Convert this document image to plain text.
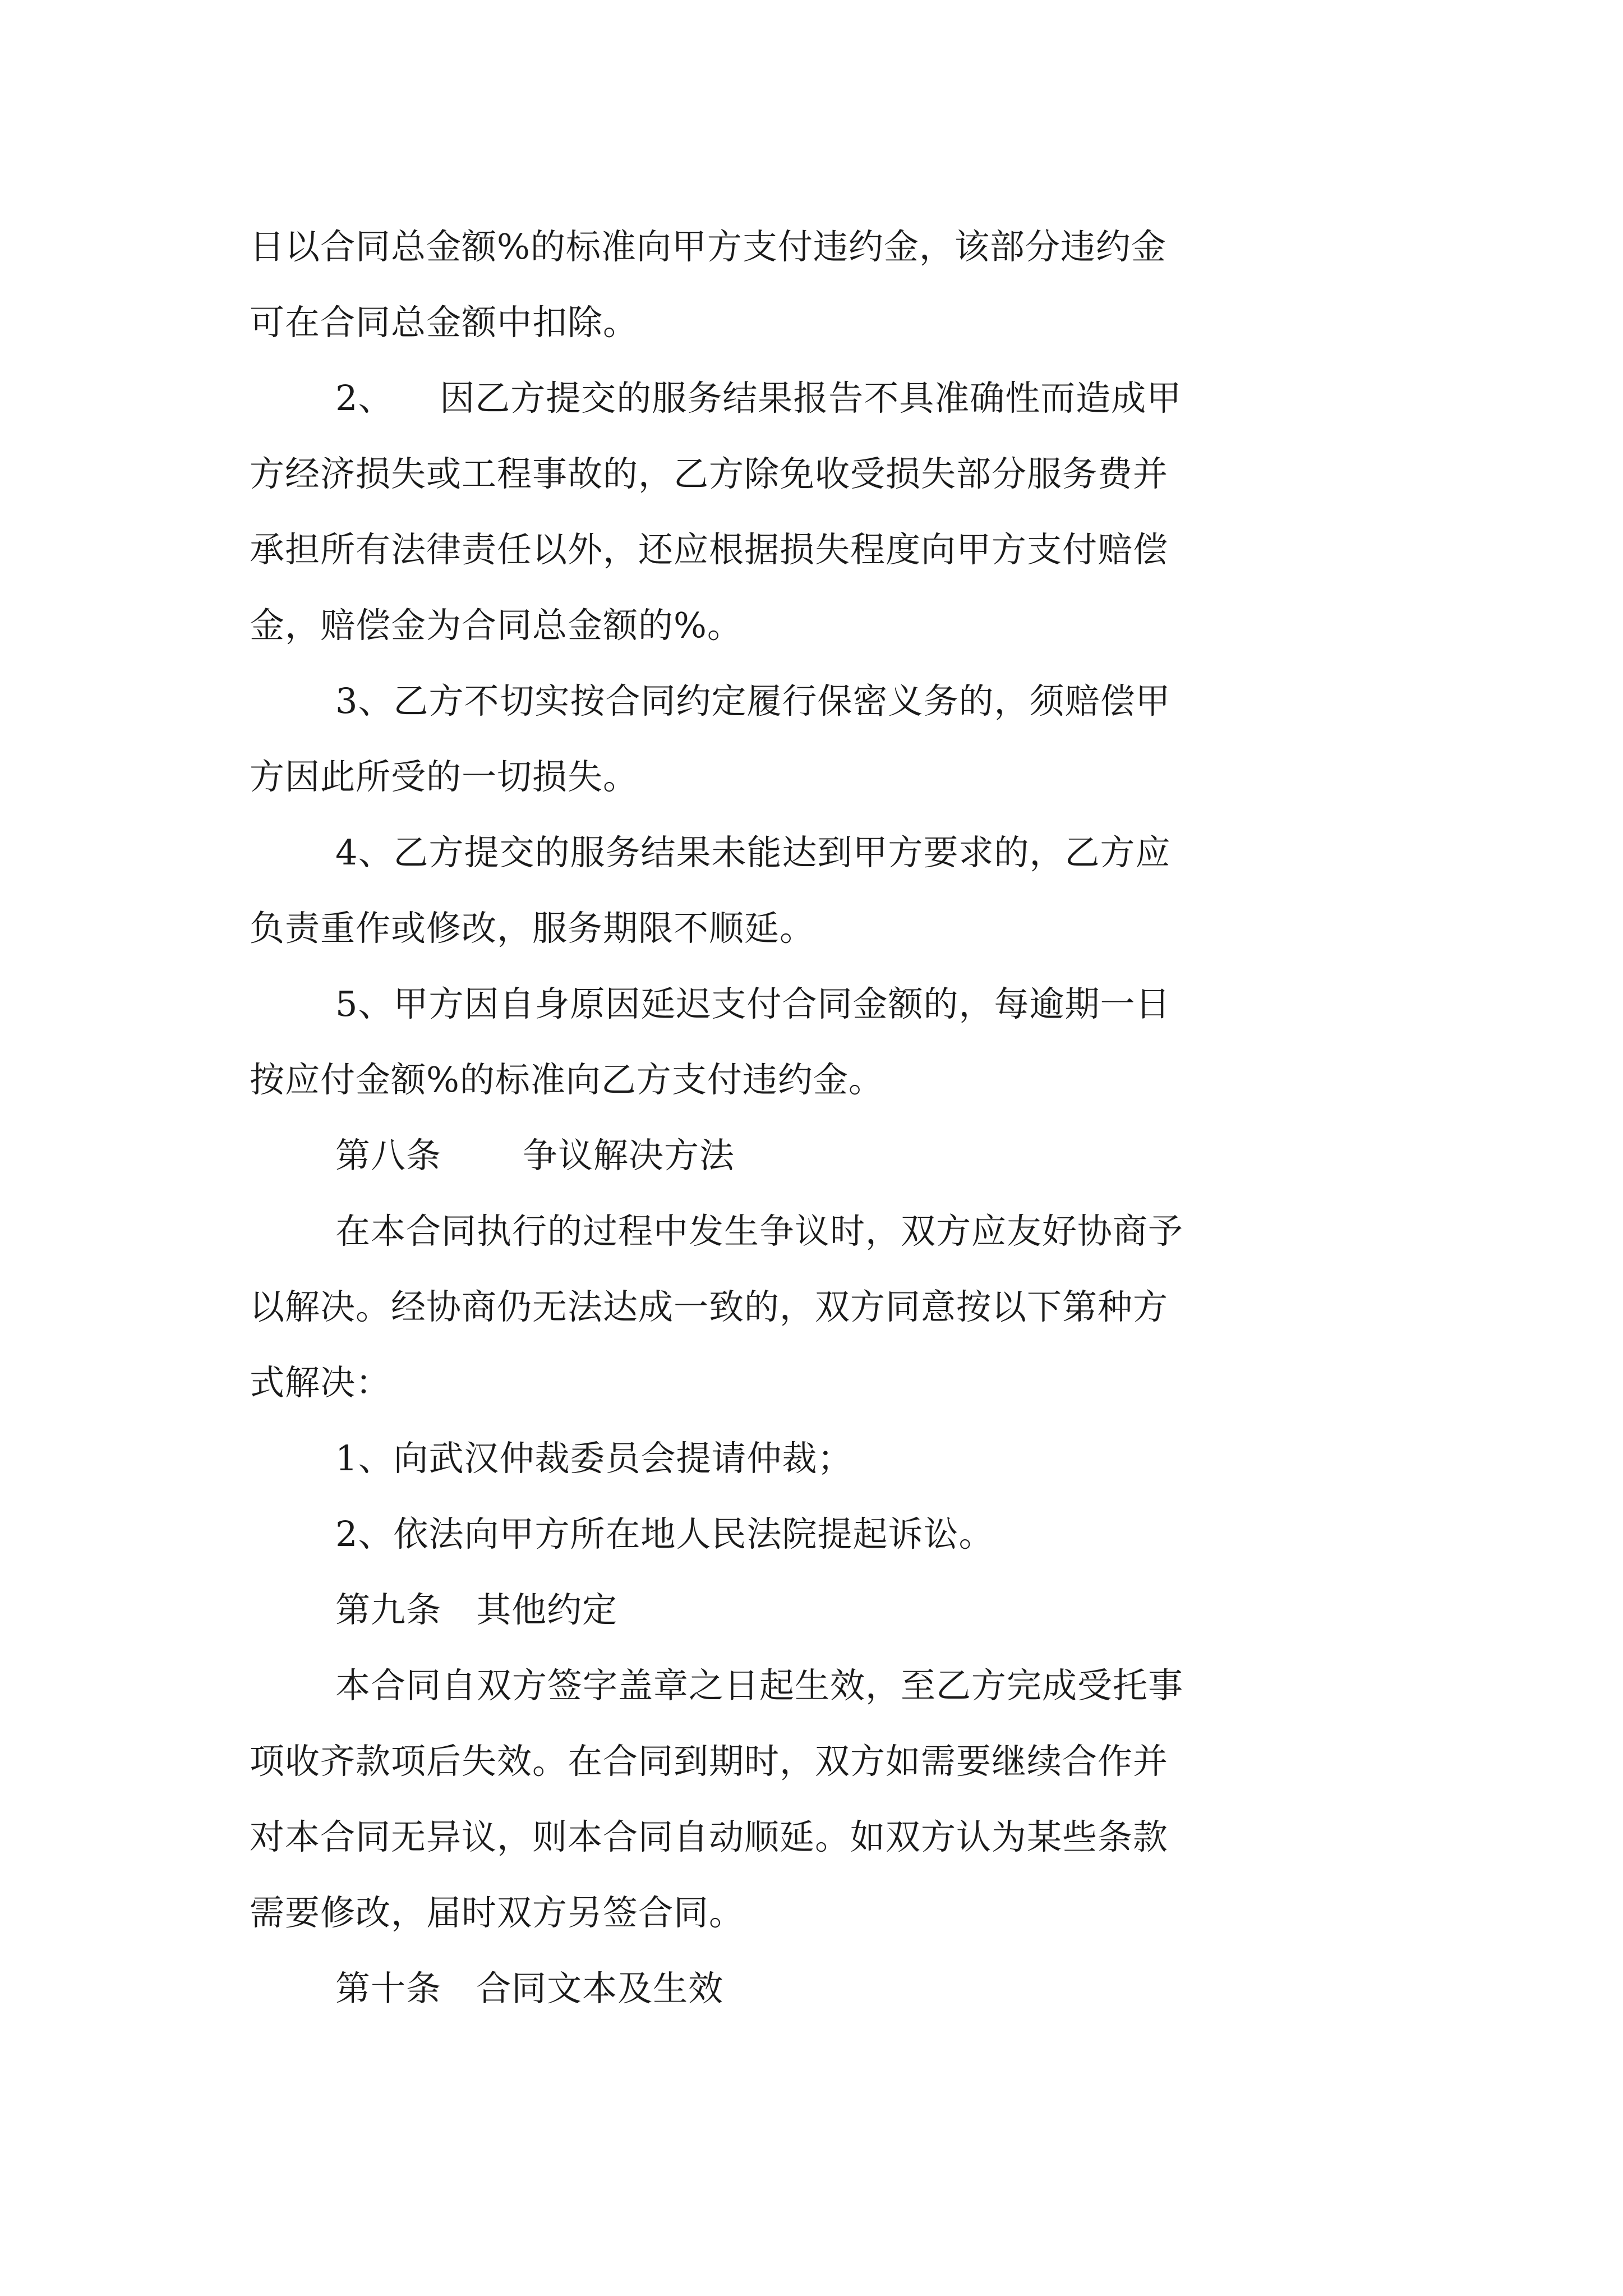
日以合同总金额%的标准向甲方支付违约金，该部分违约金
可在合同总金额中扣除。
2、    因乙方提交的服务结果报告不具准确性而造成甲
方经济损失或工程事故的，乙方除免收受损失部分服务费并
承担所有法律责任以外，还应根据损失程度向甲方支付赔偿
金，赔偿金为合同总金额的%。
3、乙方不切实按合同约定履行保密义务的，须赔偿甲
方因此所受的一切损失。
4、乙方提交的服务结果未能达到甲方要求的，乙方应
负责重作或修改，服务期限不顺延。
5、甲方因自身原因延迟支付合同金额的，每逾期一日
按应付金额%的标准向乙方支付违约金。
第八条       争议解决方法
在本合同执行的过程中发生争议时，双方应友好协商予
以解决。经协商仍无法达成一致的，双方同意按以下第种方
式解决：
1、向武汉仲裁委员会提请仲裁；
2、依法向甲方所在地人民法院提起诉讼。
第九条   其他约定
本合同自双方签字盖章之日起生效，至乙方完成受托事
项收齐款项后失效。在合同到期时，双方如需要继续合作并
对本合同无异议，则本合同自动顺延。如双方认为某些条款
需要修改，届时双方另签合同。
第十条   合同文本及生效
